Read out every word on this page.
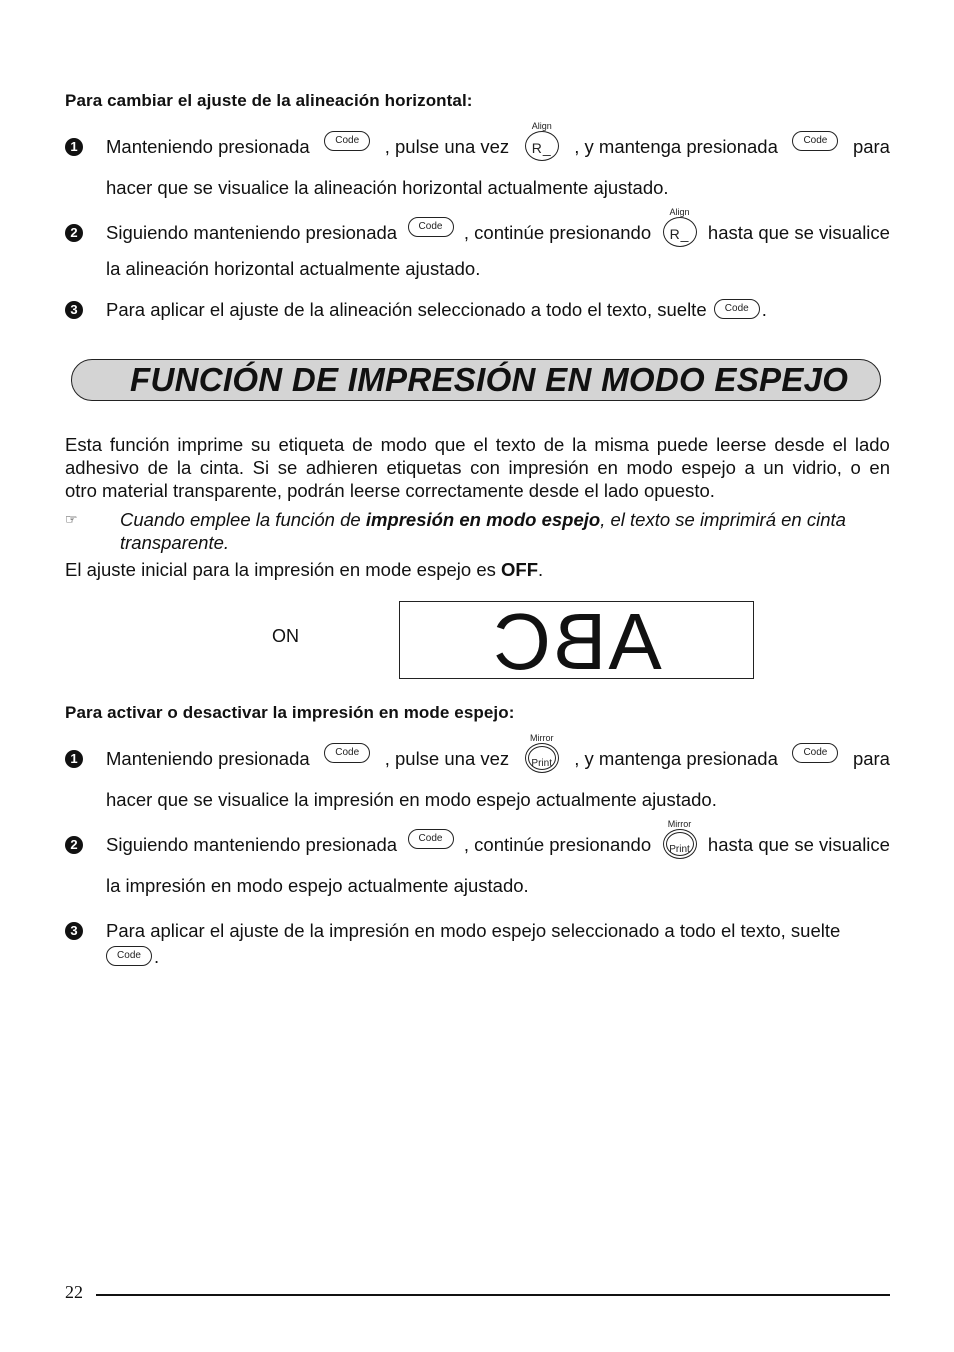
Para cambiar el ajuste de la alineación horizontal:
1 Manteniendo presionada	Code	, pulse una vez
Align
R_	, y mantenga presionada	Code	para
hacer que se visualice la alineación horizontal actualmente ajustado.
2 Siguiendo manteniendo presionada	Code	, continúe presionando
Align
R_ hasta que se visualice
la alineación horizontal actualmente ajustado.
3 Para aplicar el ajuste de la alineación seleccionado a todo el texto, suelte Code .
FUNCIÓN DE IMPRESIÓN EN MODO ESPEJO
Esta función imprime su etiqueta de modo que el texto de la misma puede leerse desde el lado
adhesivo de la cinta. Si se adhieren etiquetas con impresión en modo espejo a un vidrio, o en
otro material transparente, podrán leerse correctamente desde el lado opuesto.
☞ Cuando emplee la función de impresión en modo espejo, el texto se imprimirá en cinta
transparente.
El ajuste inicial para la impresión en mode espejo es OFF.
ON	ABC
Para activar o desactivar la impresión en mode espejo:
1 Manteniendo presionada	Code	, pulse una vez
Mirror
Print	, y mantenga presionada	Code	para
hacer que se visualice la impresión en modo espejo actualmente ajustado.
2 Siguiendo manteniendo presionada	Code	, continúe presionando
Mirror
Print hasta que se visualice
la impresión en modo espejo actualmente ajustado.
3 Para aplicar el ajuste de la impresión en modo espejo seleccionado a todo el texto, suelte
Code .
22
